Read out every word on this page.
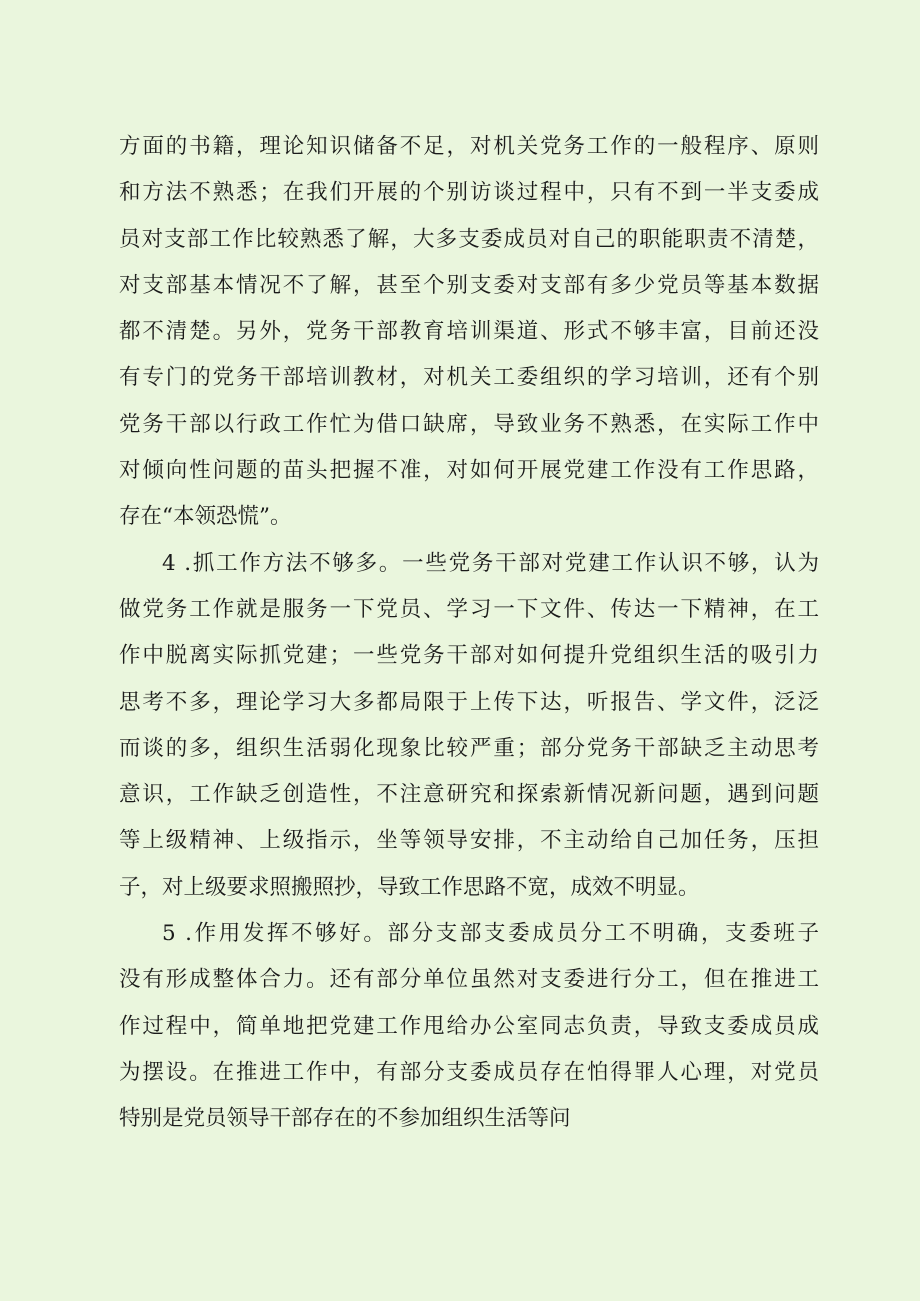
方面的书籍，理论知识储备不足，对机关党务工作的一般程序、原则
和方法不熟悉；在我们开展的个别访谈过程中，只有不到一半支委成
员对支部工作比较熟悉了解，大多支委成员对自己的职能职责不清楚，
对支部基本情况不了解，甚至个别支委对支部有多少党员等基本数据
都不清楚。另外，党务干部教育培训渠道、形式不够丰富，目前还没
有专门的党务干部培训教材，对机关工委组织的学习培训，还有个别
党务干部以行政工作忙为借口缺席，导致业务不熟悉，在实际工作中
对倾向性问题的苗头把握不准，对如何开展党建工作没有工作思路，
存在“本领恐慌”。
4 .抓工作方法不够多。一些党务干部对党建工作认识不够，认为
做党务工作就是服务一下党员、学习一下文件、传达一下精神，在工
作中脱离实际抓党建；一些党务干部对如何提升党组织生活的吸引力
思考不多，理论学习大多都局限于上传下达，听报告、学文件，泛泛
而谈的多，组织生活弱化现象比较严重；部分党务干部缺乏主动思考
意识，工作缺乏创造性，不注意研究和探索新情况新问题，遇到问题
等上级精神、上级指示，坐等领导安排，不主动给自己加任务，压担
子，对上级要求照搬照抄，导致工作思路不宽，成效不明显。
5 .作用发挥不够好。部分支部支委成员分工不明确，支委班子
没有形成整体合力。还有部分单位虽然对支委进行分工，但在推进工
作过程中，简单地把党建工作甩给办公室同志负责，导致支委成员成
为摆设。在推进工作中，有部分支委成员存在怕得罪人心理，对党员
特别是党员领导干部存在的不参加组织生活等问
